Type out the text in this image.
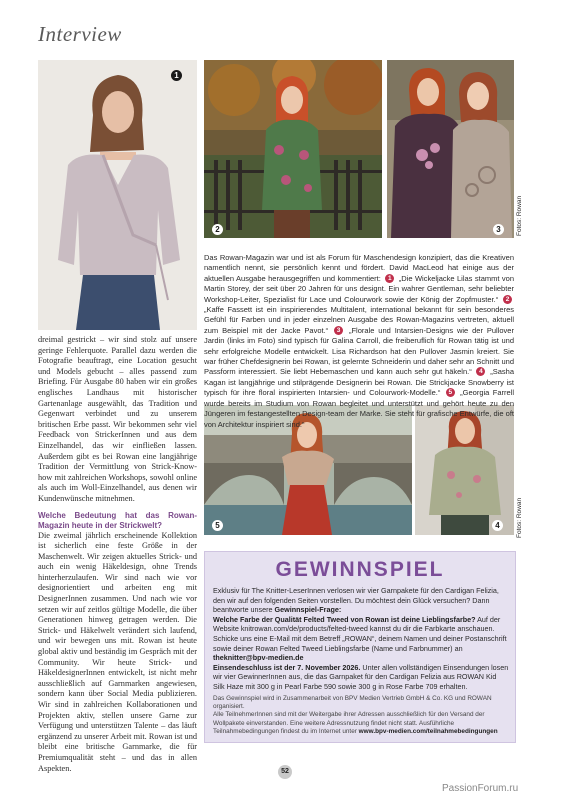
Interview
1
2	3	Fotos: Rowan
5	4	Fotos: Rowan

dreimal gestrickt – wir sind stolz auf unsere geringe Fehlerquote. Parallel dazu werden die Fotografie beauftragt, eine Location gesucht und Models gebucht – alles passend zum Briefing. Für Ausgabe 80 haben wir ein großes englisches Landhaus mit historischer Gartenanlage ausgewählt, das Tradition und Gegenwart verbindet und zu unserem britischen Erbe passt. Wir bekommen sehr viel Feedback von StrickerInnen und aus dem Einzelhandel, das wir einfließen lassen. Außerdem gibt es bei Rowan eine langjährige Tradition der Vermittlung von Strick-Know-how mit zahlreichen Workshops, sowohl online als auch im Woll-Einzelhandel, aus denen wir Kundenwünsche mitnehmen.

Welche Bedeutung hat das Rowan-Magazin heute in der Strickwelt?

Die zweimal jährlich erscheinende Kollektion ist sicherlich eine feste Größe in der Maschenwelt. Wir zeigen aktuelles Strick- und auch ein wenig Häkeldesign, ohne Trends hinterherzulaufen. Wir sind nach wie vor designorientiert und arbeiten eng mit DesignerInnen zusammen. Und nach wie vor setzen wir auf zeitlos gültige Modelle, die über Generationen hinweg getragen werden. Die Strick- und Häkelwelt verändert sich laufend, und wir bewegen uns mit. Rowan ist heute global aktiv und beständig im Gespräch mit der Community. Wir heute Strick- und HäkeldesignerInnen entwickelt, ist nicht mehr ausschließlich auf Garnmarken angewiesen, sondern kann über Social Media publizieren. Wir sind in zahlreichen Kollaborationen und Projekten aktiv, stellen unsere Garne zur Verfügung und unterstützen Talente – das läuft ergänzend zu unserer Arbeit mit. Rowan ist und bleibt eine britische Garnmarke, die für Premiumqualität steht – und das in allen Aspekten.

Das Rowan-Magazin war und ist als Forum für Maschendesign konzipiert, das die Kreativen namentlich nennt, sie persönlich kennt und fördert. David MacLeod hat einige aus der aktuellen Ausgabe herausgegriffen und kommentiert: 1 „Die Wickeljacke Lilas stammt von Martin Storey, der seit über 20 Jahren für uns designt. Ein wahrer Gentleman, sehr beliebter Workshop-Leiter, Spezialist für Lace und Colourwork sowie der König der Zopfmuster.“ 2 „Kaffe Fassett ist ein inspirierendes Multitalent, international bekannt für sein besonderes Gefühl für Farben und in jeder einzelnen Ausgabe des Rowan-Magazins vertreten, aktuell zum Beispiel mit der Jacke Pavot.“ 3 „Florale und Intarsien-Designs wie der Pullover Jardin (links im Foto) sind typisch für Galina Carroll, die freiberuflich für Rowan tätig ist und sehr erfolgreiche Modelle entwickelt. Lisa Richardson hat den Pullover Jasmin kreiert. Sie war früher Chefdesignerin bei Rowan, ist gelernte Schneiderin und daher sehr an Schnitt und Passform interessiert. Sie liebt Hebemaschen und kann auch sehr gut häkeln.“ 4 „Sasha Kagan ist langjährige und stilprägende Designerin bei Rowan. Die Strickjacke Snowberry ist typisch für ihre floral inspirierten Intarsien- und Colourwork-Modelle.“ 5 „Georgia Farrell wurde bereits im Studium von Rowan begleitet und unterstützt und gehört heute zu den Jüngeren im festangestellten Design-team der Marke. Sie steht für grafische Entwürfe, die oft von Architektur inspiriert sind.“

GEWINNSPIEL

Exklusiv für The Knitter-LeserInnen verlosen wir vier Garnpakete für den Cardigan Felizia, den wir auf den folgenden Seiten vorstellen. Du möchtest dein Glück versuchen? Dann beantworte unsere Gewinnspiel-Frage:

Welche Farbe der Qualität Felted Tweed von Rowan ist deine Lieblingsfarbe? Auf der Website knitrowan.com/de/products/felted-tweed kannst du dir die Farbkarte anschauen. Schicke uns eine E-Mail mit dem Betreff „ROWAN“, deinem Namen und deiner Postanschrift sowie deiner Rowan Felted Tweed Lieblingsfarbe (Name und Farbnummer) an

theknitter@bpv-medien.de

Einsendeschluss ist der 7. November 2026. Unter allen vollständigen Einsendungen losen wir vier GewinnerInnen aus, die das Garnpaket für den Cardigan Felizia aus ROWAN Kid Silk Haze mit 300 g in Pearl Farbe 590 sowie 300 g in Rose Farbe 709 erhalten.

Das Gewinnspiel wird in Zusammenarbeit von BPV Medien Vertrieb GmbH & Co. KG und ROWAN organisiert.

Alle TeilnehmerInnen sind mit der Weitergabe ihrer Adressen ausschließlich für den Versand der Wollpakete einverstanden. Eine weitere Adressnutzung findet nicht statt. Ausführliche Teilnahmebedingungen findest du im Internet unter www.bpv-medien.com/teilnahmebedingungen

52
PassionForum.ru
